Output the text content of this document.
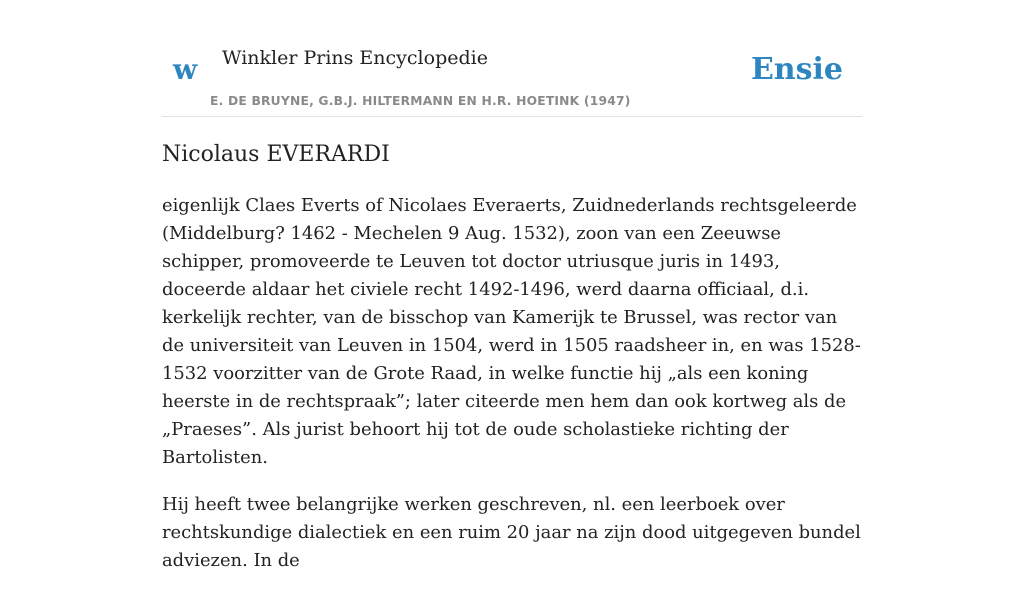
w Winkler Prins Encyclopedie
E. DE BRUYNE, G.B.J. HILTERMANN EN H.R. HOETINK (1947)
Ensie
Nicolaus EVERARDI

eigenlijk Claes Everts of Nicolaes Everaerts, Zuidnederlands rechtsgeleerde (Middelburg? 1462 - Mechelen 9 Aug. 1532), zoon van een Zeeuwse schipper, promoveerde te Leuven tot doctor utriusque juris in 1493, doceerde aldaar het civiele recht 1492-1496, werd daarna officiaal, d.i. kerkelijk rechter, van de bisschop van Kamerijk te Brussel, was rector van de universiteit van Leuven in 1504, werd in 1505 raadsheer in, en was 1528-1532 voorzitter van de Grote Raad, in welke functie hij „als een koning heerste in de rechtspraak”; later citeerde men hem dan ook kortweg als de „Praeses”. Als jurist behoort hij tot de oude scholastieke richting der Bartolisten.

Hij heeft twee belangrijke werken geschreven, nl. een leerboek over rechtskundige dialectiek en een ruim 20 jaar na zijn dood uitgegeven bundel adviezen. In de
